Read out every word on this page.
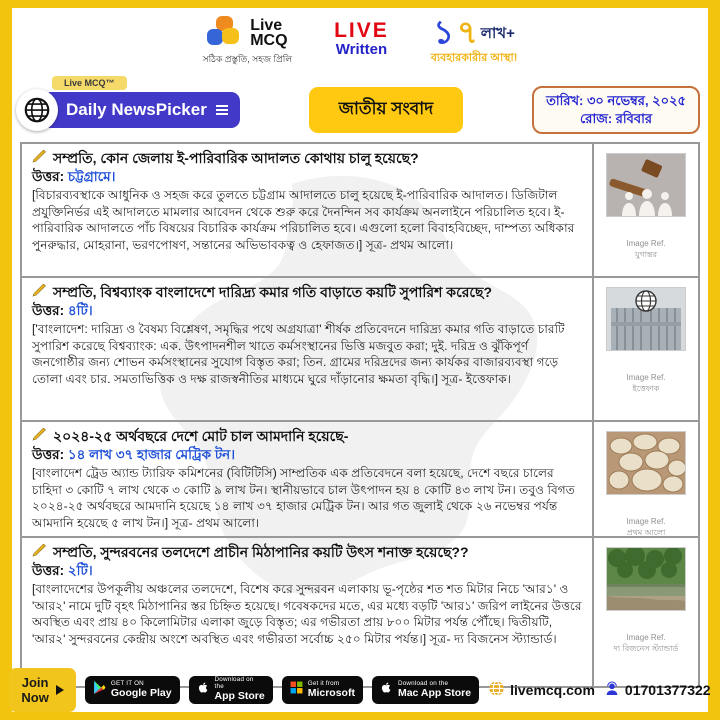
Live
MCQ
সঠিক প্রস্তুতি, সহজ প্রিলি
LIVE
Written ১ ৭ লাখ+
ব্যবহারকারীর আস্থা!
Live MCQ™
Daily NewsPicker	জাতীয় সংবাদ	তারিখ: ৩০ নভেম্বর, ২০২৫
রোজ: রবিবার
সম্প্রতি, কোন জেলায় ই-পারিবারিক আদালত কোথায় চালু হয়েছে?
উত্তর: চট্টগ্রামে।
[বিচারব্যবস্থাকে আধুনিক ও সহজ করে তুলতে চট্টগ্রাম আদালতে চালু হয়েছে ই-পারিবারিক আদালত। ডিজিটাল প্রযুক্তিনির্ভর এই আদালতে মামলার আবেদন থেকে শুরু করে দৈনন্দিন সব কার্যক্রম অনলাইনে পরিচালিত হবে। ই-পারিবারিক আদালতে পাঁচ বিষয়ের বিচারিক কার্যক্রম পরিচালিত হবে। এগুলো হলো বিবাহবিচ্ছেদ, দাম্পত্য অধিকার পুনরুদ্ধার, মোহরানা, ভরণপোষণ, সন্তানের অভিভাবকত্ব ও হেফাজত।] সূত্র- প্রথম আলো।	Image Ref.
যুগান্তর
সম্প্রতি, বিশ্বব্যাংক বাংলাদেশে দারিদ্র্য কমার গতি বাড়াতে কয়টি সুপারিশ করেছে?
উত্তর: ৪টি।
['বাংলাদেশ: দারিদ্র্য ও বৈষম্য বিশ্লেষণ, সমৃদ্ধির পথে অগ্রযাত্রা' শীর্ষক প্রতিবেদনে দারিদ্র্য কমার গতি বাড়াতে চারটি সুপারিশ করেছে বিশ্বব্যাংক: এক. উৎপাদনশীল খাতে কর্মসংস্থানের ভিত্তি মজবুত করা; দুই. দরিদ্র ও ঝুঁকিপূর্ণ জনগোষ্ঠীর জন্য শোভন কর্মসংস্থানের সুযোগ বিস্তৃত করা; তিন. গ্রামের দরিদ্রদের জন্য কার্যকর বাজারব্যবস্থা গড়ে তোলা এবং চার. সমতাভিত্তিক ও দক্ষ রাজস্বনীতির মাধ্যমে ঘুরে দাঁড়ানোর ক্ষমতা বৃদ্ধি।] সূত্র- ইত্তেফাক।	Image Ref.
ইত্তেফাক
২০২৪-২৫ অর্থবছরে দেশে মোট চাল আমদানি হয়েছে-
উত্তর: ১৪ লাখ ৩৭ হাজার মেট্রিক টন।
[বাংলাদেশ ট্রেড অ্যান্ড ট্যারিফ কমিশনের (বিটিটিসি) সাম্প্রতিক এক প্রতিবেদনে বলা হয়েছে, দেশে বছরে চালের চাহিদা ৩ কোটি ৭ লাখ থেকে ৩ কোটি ৯ লাখ টন। স্থানীয়ভাবে চাল উৎপাদন হয় ৪ কোটি ৪৩ লাখ টন। তবুও বিগত ২০২৪-২৫ অর্থবছরে আমদানি হয়েছে ১৪ লাখ ৩৭ হাজার মেট্রিক টন। আর গত জুলাই থেকে ২৬ নভেম্বর পর্যন্ত আমদানি হয়েছে ৫ লাখ টন।] সূত্র- প্রথম আলো।	Image Ref.
প্রথম আলো
সম্প্রতি, সুন্দরবনের তলদেশে প্রাচীন মিঠাপানির কয়টি উৎস শনাক্ত হয়েছে??
উত্তর: ২টি।
[বাংলাদেশের উপকূলীয় অঞ্চলের তলদেশে, বিশেষ করে সুন্দরবন এলাকায় ভূ-পৃষ্ঠের শত শত মিটার নিচে 'আর১' ও 'আর২' নামে দুটি বৃহৎ মিঠাপানির স্তর চিহ্নিত হয়েছে। গবেষকদের মতে, এর মধ্যে বড়টি 'আর১' জরিপ লাইনের উত্তরে অবস্থিত এবং প্রায় ৪০ কিলোমিটার এলাকা জুড়ে বিস্তৃত; এর গভীরতা প্রায় ৮০০ মিটার পর্যন্ত পৌঁছে। দ্বিতীয়টি, 'আর২' সুন্দরবনের কেন্দ্রীয় অংশে অবস্থিত এবং গভীরতা সর্বোচ্চ ২৫০ মিটার পর্যন্ত।] সূত্র- দ্য বিজনেস স্ট্যান্ডার্ড।	Image Ref.
দ্য বিজনেস স্ট্যান্ডার্ড
Join Now
GET IT ON
Google Play
Download on the
App Store
Get it from
Microsoft
Download on the
Mac App Store	livemcq.com 01701377322
